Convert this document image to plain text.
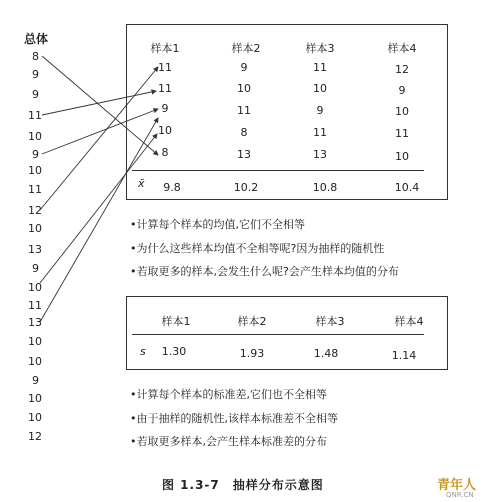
总体
8
9
9
11
10
9
10
11
12
10
13
9
10
11
13
10
10
9
10
10
12
样本1	样本2	样本3	样本4
11	9	11	12
11	10	10	9
9	11	9	10
10	8	11	11
8	13	13	10
x̄	9.8	10.2	10.8	10.4
•计算每个样本的均值,它们不全相等
•为什么这些样本均值不全相等呢?因为抽样的随机性
•若取更多的样本,会发生什么呢?会产生样本均值的分布
样本1	样本2	样本3	样本4
s	1.30	1.93	1.48	1.14
•计算每个样本的标准差,它们也不全相等
•由于抽样的随机性,该样本标准差不全相等
•若取更多样本,会产生样本标准差的分布
图 1.3-7　抽样分布示意图	青年人
QNR.CN
